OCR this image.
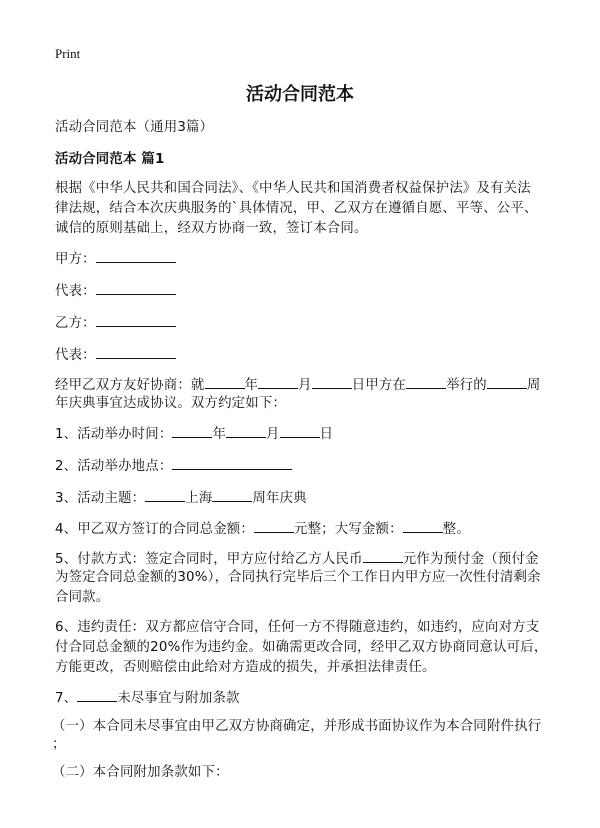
Print
活动合同范本
活动合同范本（通用3篇）
活动合同范本 篇1
根据《中华人民共和国合同法》、《中华人民共和国消费者权益保护法》及有关法
律法规，结合本次庆典服务的`具体情况，甲、乙双方在遵循自愿、平等、公平、
诚信的原则基础上，经双方协商一致，签订本合同。
甲方：
代表：
乙方：
代表：
经甲乙双方友好协商：就	年	月	日甲方在	举行的	周
年庆典事宜达成协议。双方约定如下：
1、活动举办时间：	年	月	日
2、活动举办地点：
3、活动主题：	上海	周年庆典
4、甲乙双方签订的合同总金额：	元整；大写金额：	整。
5、付款方式：签定合同时，甲方应付给乙方人民币	元作为预付金（预付金
为签定合同总金额的30%），合同执行完毕后三个工作日内甲方应一次性付清剩余
合同款。
6、违约责任：双方都应信守合同，任何一方不得随意违约，如违约，应向对方支
付合同总金额的20%作为违约金。如确需更改合同，经甲乙双方协商同意认可后，
方能更改，否则赔偿由此给对方造成的损失，并承担法律责任。
7、	未尽事宜与附加条款
（一）本合同未尽事宜由甲乙双方协商确定，并形成书面协议作为本合同附件执行
；
（二）本合同附加条款如下：
